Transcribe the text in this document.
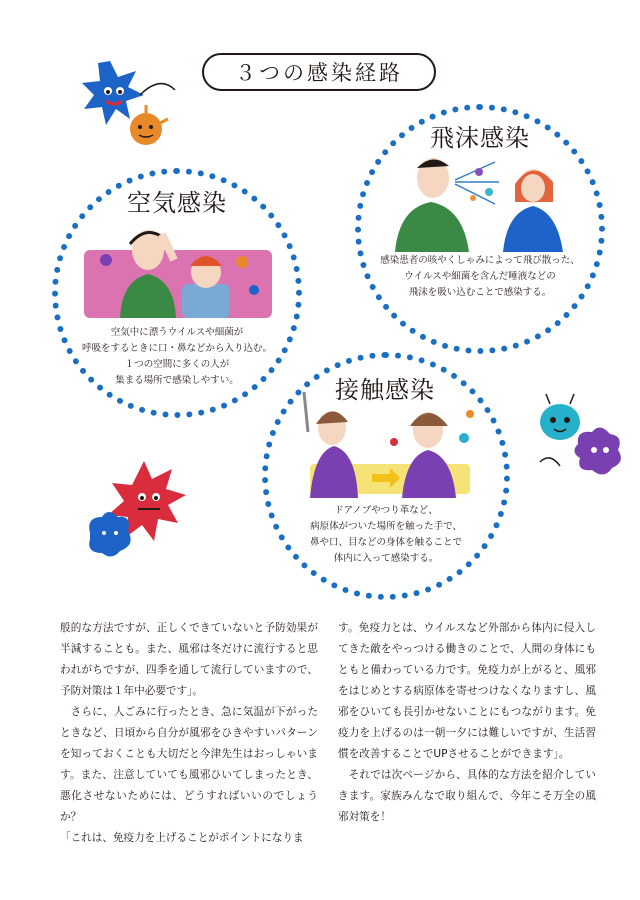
３つの感染経路
空気感染
空気中に漂うウイルスや細菌が
呼吸をするときに口・鼻などから入り込む。
１つの空間に多くの人が
集まる場所で感染しやすい。
飛沫感染
感染患者の咳やくしゃみによって飛び散った、
ウイルスや細菌を含んだ唾液などの
飛沫を吸い込むことで感染する。
接触感染
ドアノブやつり革など、
病原体がついた場所を触った手で、
鼻や口、目などの身体を触ることで
体内に入って感染する。

般的な方法ですが、正しくできていないと予防効果が半減することも。また、風邪は冬だけに流行すると思われがちですが、四季を通して流行していますので、予防対策は１年中必要です」。

さらに、人ごみに行ったとき、急に気温が下がったときなど、日頃から自分が風邪をひきやすいパターンを知っておくことも大切だと今津先生はおっしゃいます。また、注意していても風邪ひいてしまったとき、悪化させないためには、どうすればいいのでしょうか？

「これは、免疫力を上げることがポイントになりま

す。免疫力とは、ウイルスなど外部から体内に侵入してきた敵をやっつける働きのことで、人間の身体にもともと備わっている力です。免疫力が上がると、風邪をはじめとする病原体を寄せつけなくなりますし、風邪をひいても長引かせないことにもつながります。免疫力を上げるのは一朝一夕には難しいですが、生活習慣を改善することでUPさせることができます」。

それでは次ページから、具体的な方法を紹介していきます。家族みんなで取り組んで、今年こそ万全の風邪対策を！
